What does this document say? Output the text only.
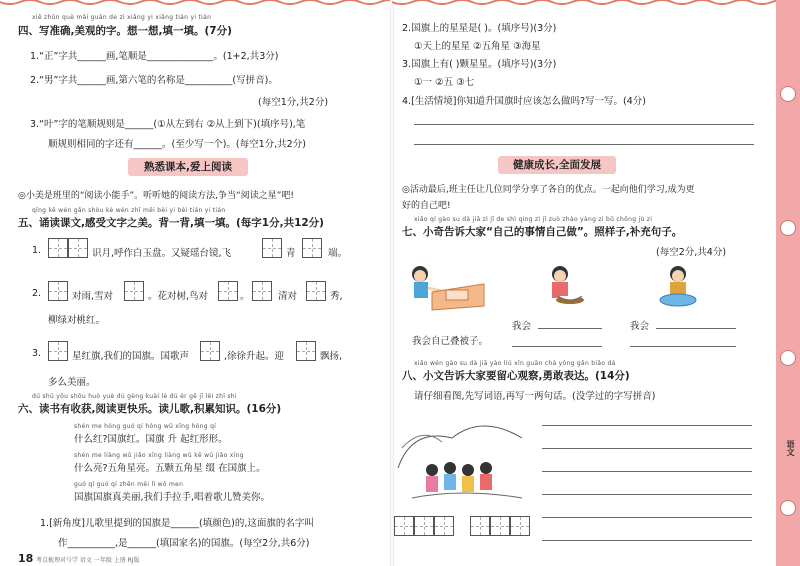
xiě zhǔn què mǎi guān de zì xiǎng yi xiǎng tián yi tián
四、写准确,美观的字。想一想,填一填。(7分)
1.“正”字共______画,笔顺是______________。(1+2,共3分)
2.“男”字共______画,第六笔的名称是__________(写拼音)。
(每空1分,共2分)
3.“叶”字的笔顺规则是______(①从左到右 ②从上到下)(填序号),笔
顺规则相同的字还有______。(至少写一个)。(每空1分,共2分)
熟悉课本,爱上阅读
◎小美是班里的“阅读小能手”。听听她的阅读方法,争当“阅读之星”吧!
qǐng kě wén gǎn shòu kè wén zhī měi bèi yi bèi tián yi tián
五、诵读课文,感受文字之美。背一背,填一填。(每字1分,共12分)
1.	识月,呼作白玉盘。又疑瑶台镜,飞	青	端。
2.	对雨,雪对	。花对树,鸟对	。	清对	秀,
柳绿对桃红。
3.	星红旗,我们的国旗。国歌声	,徐徐升起。迎	飘扬,
多么美丽。
dú shū yǒu shōu huò yuè dú gèng kuài lè dú ér gē jī lěi zhī shi
六、读书有收获,阅读更快乐。读儿歌,积累知识。(16分)
shén me hóng guó qí hóng wǔ xīng hóng qí
什么红?国旗红。国旗 升 起红形形。
shén me liàng wǔ jiǎo xīng liàng wǔ kē wǔ jiǎo xīng
什么亮?五角星亮。五颗五角星 缀 在国旗上。
guó qí guó qí zhēn měi lì wǒ men
国旗国旗真美丽,我们手拉手,唱着歌儿赞美你。
1.[新角度]儿歌里提到的国旗是______(填颜色)的,这面旗的名字叫
作__________,是______(填国家名)的国旗。(每空2分,共6分)
18 考点梳理对号学 语文 一年级 上册 RJ版
2.国旗上的星星是( )。(填序号)(3分)
①天上的星星 ②五角星 ③海星
3.国旗上有( )颗星星。(填序号)(3分)
①一 ②五 ③七
4.[生活情境]你知道升国旗时应该怎么做吗?写一写。(4分)
健康成长,全面发展
◎活动最后,班主任让几位同学分享了各自的优点。一起向他们学习,成为更
好的自己吧!
xiǎo qí gào su dà jiā zì jǐ de shì qing zì jǐ zuò zhào yàng zi bǔ chōng jù zi
七、小奇告诉大家“自己的事情自己做”。照样子,补充句子。
(每空2分,共4分)
我会自己叠被子。
我会	我会
xiǎo wén gào su dà jiā yào liú xīn guān chá yǒng gǎn biǎo dá
八、小文告诉大家要留心观察,勇敢表达。(14分)
请仔细看图,先写词语,再写一两句话。(没学过的字写拼音)
语文
